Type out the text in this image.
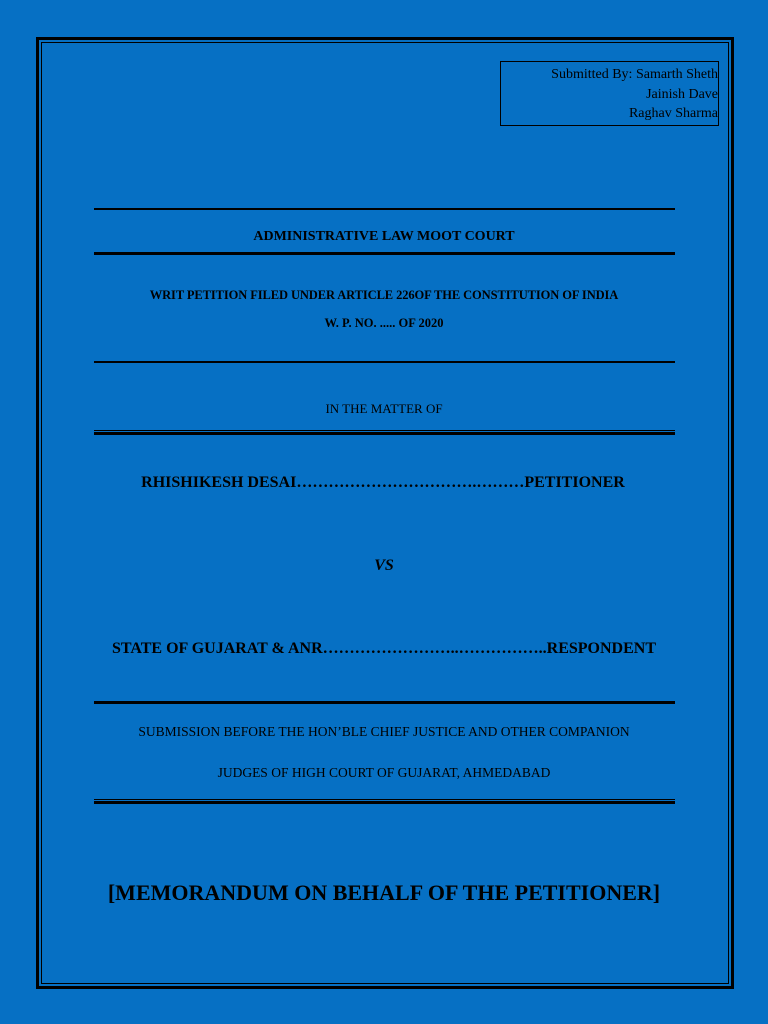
Submitted By: Samarth Sheth
Jainish Dave
Raghav Sharma
ADMINISTRATIVE LAW MOOT COURT
WRIT PETITION FILED UNDER ARTICLE 226OF THE CONSTITUTION OF INDIA
W. P. NO. ..... OF 2020
IN THE MATTER OF
RHISHIKESH DESAI…………………………….………PETITIONER
VS
STATE OF GUJARAT & ANR……………………..……………..RESPONDENT
SUBMISSION BEFORE THE HON’BLE CHIEF JUSTICE AND OTHER COMPANION
JUDGES OF HIGH COURT OF GUJARAT, AHMEDABAD
[MEMORANDUM ON BEHALF OF THE PETITIONER]
